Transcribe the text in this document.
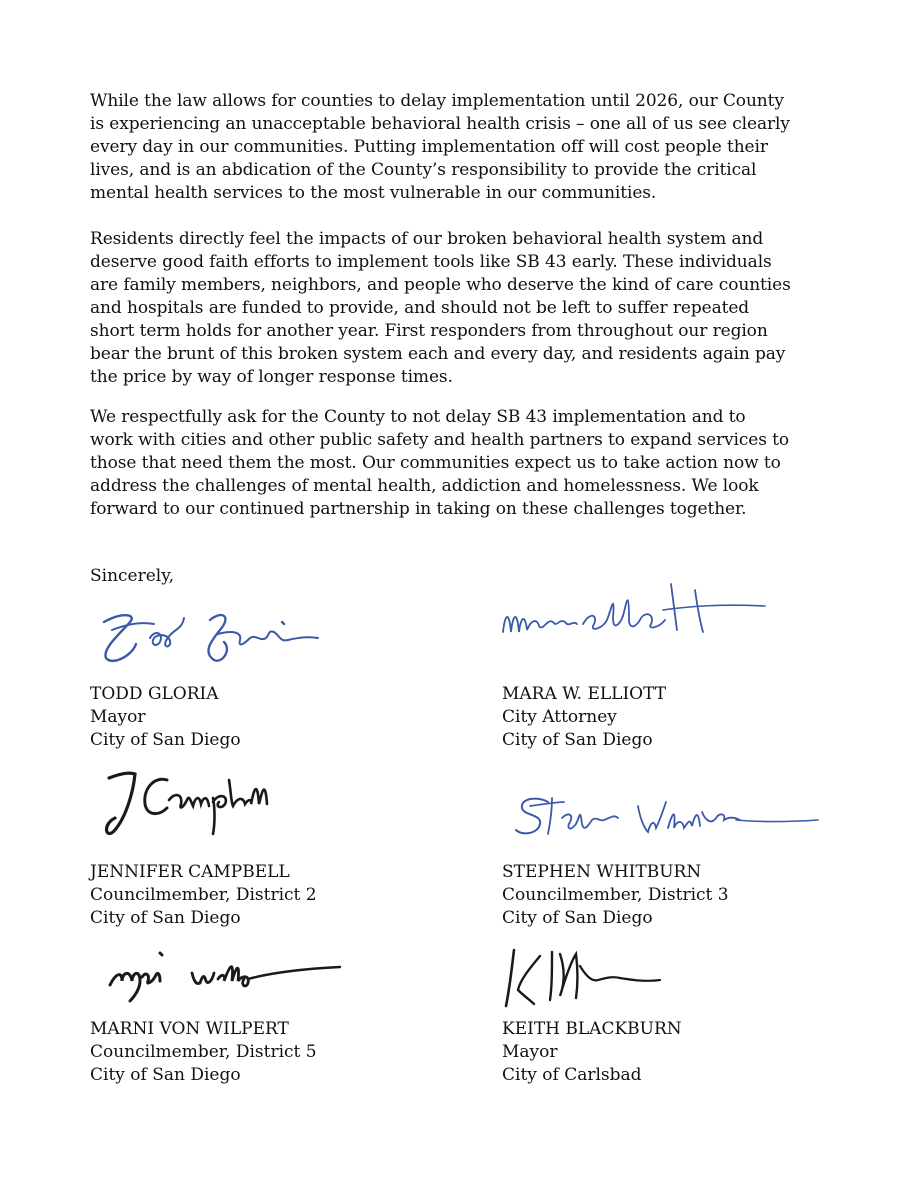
While the law allows for counties to delay implementation until 2026, our County
is experiencing an unacceptable behavioral health crisis – one all of us see clearly
every day in our communities. Putting implementation off will cost people their
lives, and is an abdication of the County’s responsibility to provide the critical
mental health services to the most vulnerable in our communities.

Residents directly feel the impacts of our broken behavioral health system and
deserve good faith efforts to implement tools like SB 43 early. These individuals
are family members, neighbors, and people who deserve the kind of care counties
and hospitals are funded to provide, and should not be left to suffer repeated
short term holds for another year. First responders from throughout our region
bear the brunt of this broken system each and every day, and residents again pay
the price by way of longer response times.

We respectfully ask for the County to not delay SB 43 implementation and to
work with cities and other public safety and health partners to expand services to
those that need them the most. Our communities expect us to take action now to
address the challenges of mental health, addiction and homelessness. We look
forward to our continued partnership in taking on these challenges together.

Sincerely,

TODD GLORIA
Mayor
City of San Diego
MARA W. ELLIOTT
City Attorney
City of San Diego
JENNIFER CAMPBELL
Councilmember, District 2
City of San Diego
STEPHEN WHITBURN
Councilmember, District 3
City of San Diego
MARNI VON WILPERT
Councilmember, District 5
City of San Diego
KEITH BLACKBURN
Mayor
City of Carlsbad
